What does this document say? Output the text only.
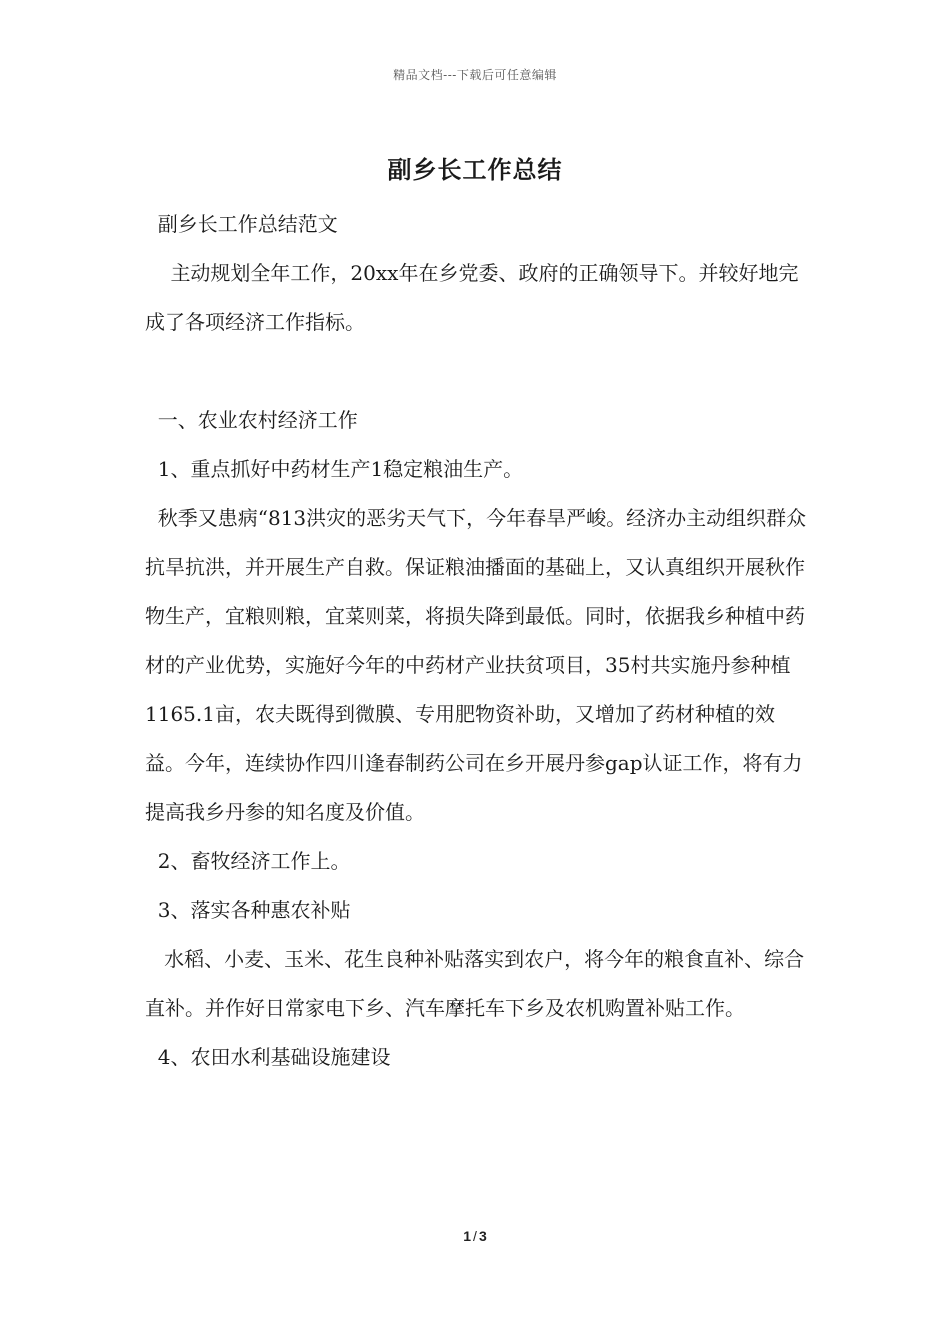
精品文档---下载后可任意编辑
副乡长工作总结

副乡长工作总结范文

主动规划全年工作，20xx年在乡党委、政府的正确领导下。并较好地完成了各项经济工作指标。

一、农业农村经济工作

1、重点抓好中药材生产1稳定粮油生产。

秋季又患病“813洪灾的恶劣天气下，今年春旱严峻。经济办主动组织群众抗旱抗洪，并开展生产自救。保证粮油播面的基础上，又认真组织开展秋作物生产，宜粮则粮，宜菜则菜，将损失降到最低。同时，依据我乡种植中药材的产业优势，实施好今年的中药材产业扶贫项目，35村共实施丹参种植1165.1亩，农夫既得到微膜、专用肥物资补助，又增加了药材种植的效益。今年，连续协作四川逢春制药公司在乡开展丹参gap认证工作，将有力提高我乡丹参的知名度及价值。

2、畜牧经济工作上。

3、落实各种惠农补贴

水稻、小麦、玉米、花生良种补贴落实到农户，将今年的粮食直补、综合直补。并作好日常家电下乡、汽车摩托车下乡及农机购置补贴工作。

4、农田水利基础设施建设

1 / 3
